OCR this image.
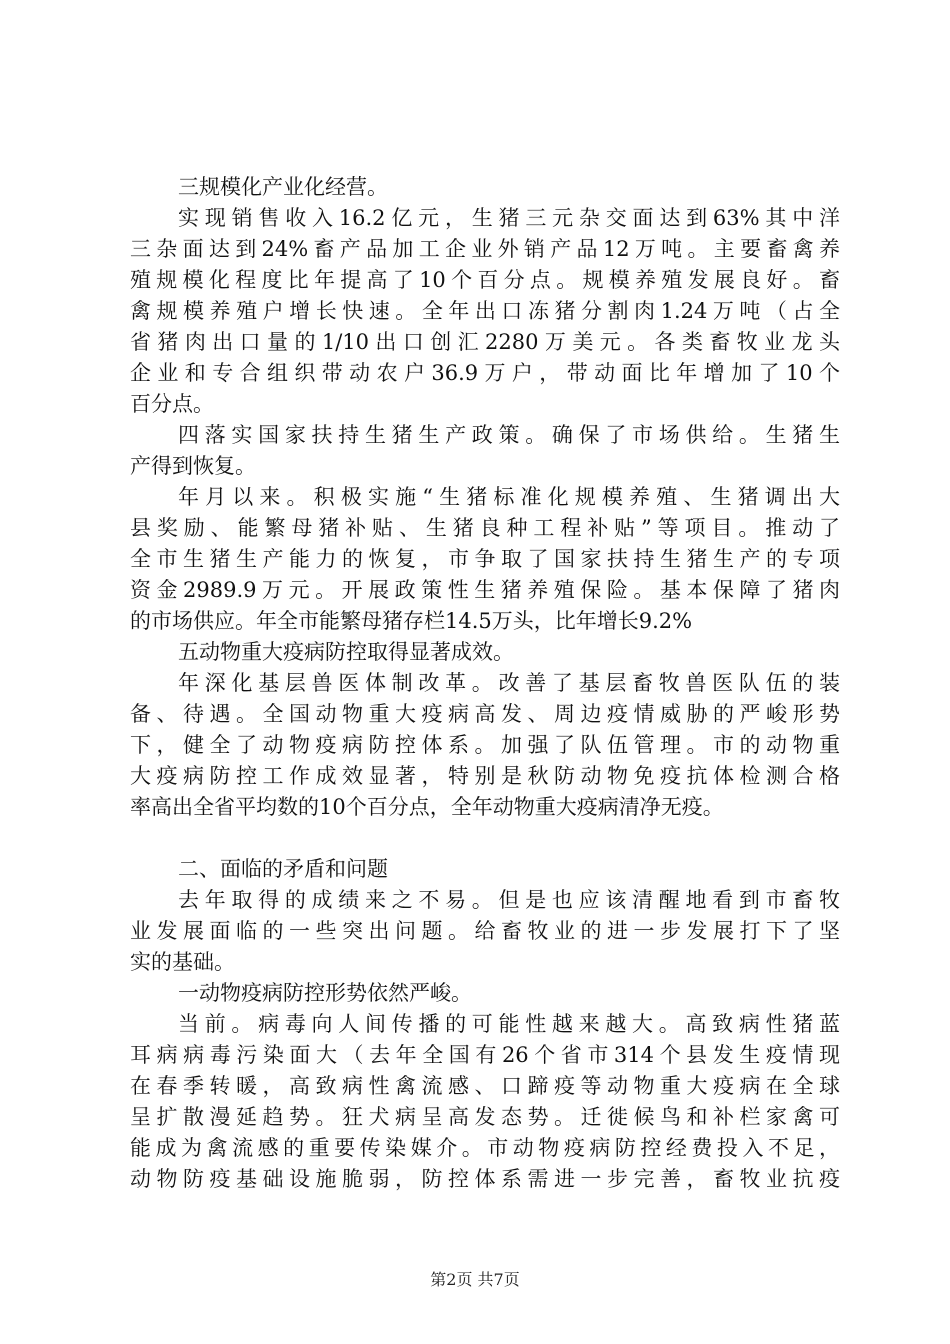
三规模化产业化经营。
实现销售收入16.2亿元，生猪三元杂交面达到63%其中洋
三杂面达到24%畜产品加工企业外销产品12万吨。主要畜禽养
殖规模化程度比年提高了10个百分点。规模养殖发展良好。畜
禽规模养殖户增长快速。全年出口冻猪分割肉1.24万吨（占全
省猪肉出口量的1/10出口创汇2280万美元。各类畜牧业龙头
企业和专合组织带动农户36.9万户，带动面比年增加了10个
百分点。
四落实国家扶持生猪生产政策。确保了市场供给。生猪生
产得到恢复。
年月以来。积极实施“生猪标准化规模养殖、生猪调出大
县奖励、能繁母猪补贴、生猪良种工程补贴”等项目。推动了
全市生猪生产能力的恢复，市争取了国家扶持生猪生产的专项
资金2989.9万元。开展政策性生猪养殖保险。基本保障了猪肉
的市场供应。年全市能繁母猪存栏14.5万头，比年增长9.2%
五动物重大疫病防控取得显著成效。
年深化基层兽医体制改革。改善了基层畜牧兽医队伍的装
备、待遇。全国动物重大疫病高发、周边疫情威胁的严峻形势
下，健全了动物疫病防控体系。加强了队伍管理。市的动物重
大疫病防控工作成效显著，特别是秋防动物免疫抗体检测合格
率高出全省平均数的10个百分点，全年动物重大疫病清净无疫。
二、面临的矛盾和问题
去年取得的成绩来之不易。但是也应该清醒地看到市畜牧
业发展面临的一些突出问题。给畜牧业的进一步发展打下了坚
实的基础。
一动物疫病防控形势依然严峻。
当前。病毒向人间传播的可能性越来越大。高致病性猪蓝
耳病病毒污染面大（去年全国有26个省市314个县发生疫情现
在春季转暖，高致病性禽流感、口蹄疫等动物重大疫病在全球
呈扩散漫延趋势。狂犬病呈高发态势。迁徙候鸟和补栏家禽可
能成为禽流感的重要传染媒介。市动物疫病防控经费投入不足，
动物防疫基础设施脆弱，防控体系需进一步完善，畜牧业抗疫
第2页 共7页
